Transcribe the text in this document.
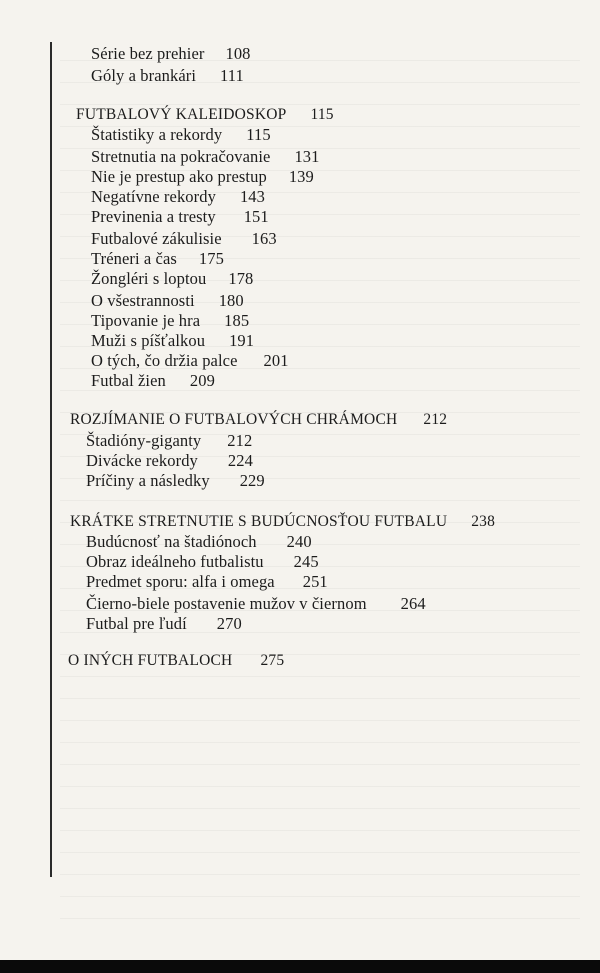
Série bez prehier 108
Góly a brankári 111
FUTBALOVÝ KALEIDOSKOP 115
Štatistiky a rekordy 115
Stretnutia na pokračovanie 131
Nie je prestup ako prestup 139
Negatívne rekordy 143
Previnenia a tresty 151
Futbalové zákulisie 163
Tréneri a čas 175
Žongléri s loptou 178
O všestrannosti 180
Tipovanie je hra 185
Muži s píšťalkou 191
O tých, čo držia palce 201
Futbal žien 209
ROZJÍMANIE O FUTBALOVÝCH CHRÁMOCH 212
Štadióny-giganty 212
Divácke rekordy 224
Príčiny a následky 229
KRÁTKE STRETNUTIE S BUDÚCNOSŤOU FUTBALU 238
Budúcnosť na štadiónoch 240
Obraz ideálneho futbalistu 245
Predmet sporu: alfa i omega 251
Čierno-biele postavenie mužov v čiernom 264
Futbal pre ľudí 270
O INÝCH FUTBALOCH 275
